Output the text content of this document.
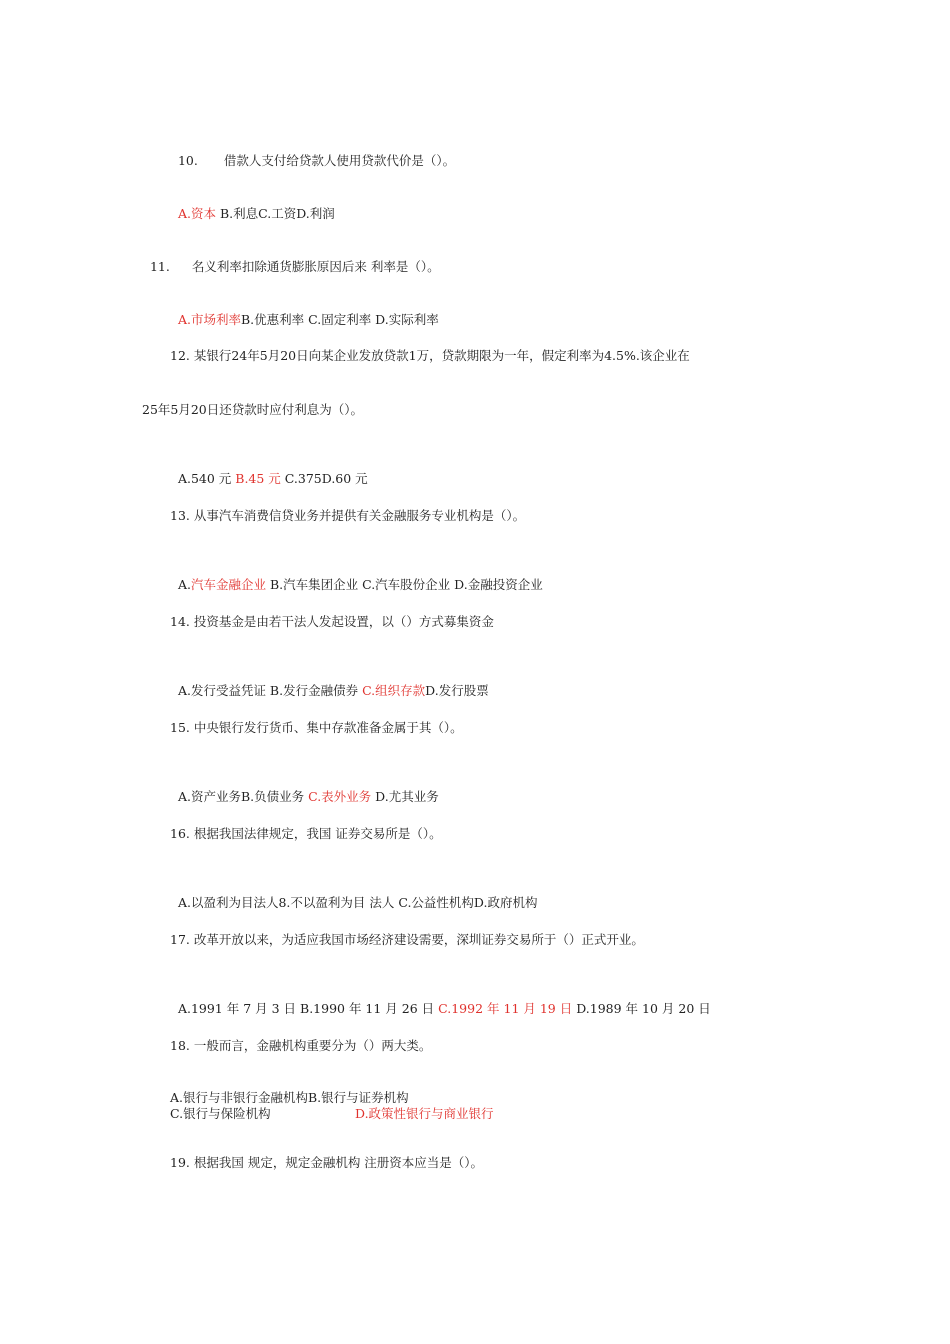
10. 借款人支付给贷款人使用贷款代价是（）。

A.资本 B.利息C.工资D.利润

11. 名义利率扣除通货膨胀原因后来 利率是（）。

A.市场利率B.优惠利率 C.固定利率 D.实际利率

12. 某银行24年5月20日向某企业发放贷款1万，贷款期限为一年，假定利率为4.5%.该企业在
25年5月20日还贷款时应付利息为（）。

A.540 元 B.45 元 C.375D.60 元

13. 从事汽车消费信贷业务并提供有关金融服务专业机构是（）。

A.汽车金融企业 B.汽车集团企业 C.汽车股份企业 D.金融投资企业

14. 投资基金是由若干法人发起设置，以（）方式募集资金

A.发行受益凭证 B.发行金融债券 C.组织存款D.发行股票

15. 中央银行发行货币、集中存款准备金属于其（）。

A.资产业务B.负债业务 C.表外业务 D.尤其业务

16. 根据我国法律规定，我国 证券交易所是（）。

A.以盈利为目法人8.不以盈利为目 法人 C.公益性机构D.政府机构

17. 改革开放以来，为适应我国市场经济建设需要，深圳证券交易所于（）正式开业。

A.1991 年 7 月 3 日 B.1990 年 11 月 26 日 C.1992 年 11 月 19 日 D.1989 年 10 月 20 日

18. 一般而言，金融机构重要分为（）两大类。
A.银行与非银行金融机构B.银行与证券机构
C.银行与保险机构	D.政策性银行与商业银行
19. 根据我国 规定，规定金融机构 注册资本应当是（）。
